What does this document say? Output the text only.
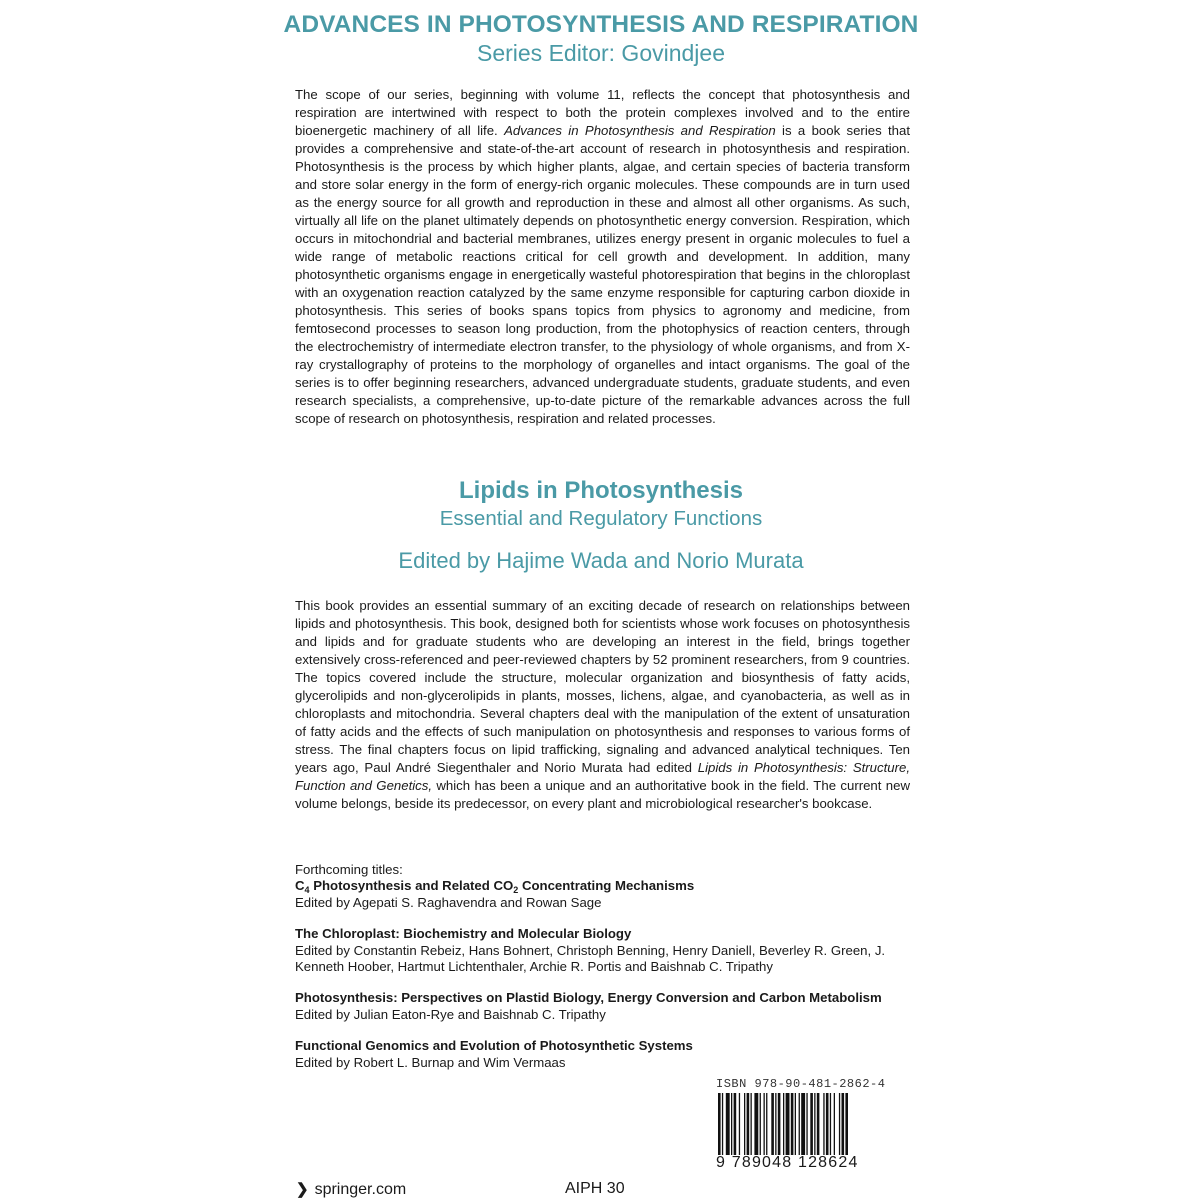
ADVANCES IN PHOTOSYNTHESIS AND RESPIRATION
Series Editor: Govindjee
The scope of our series, beginning with volume 11, reflects the concept that photosynthesis and respiration are intertwined with respect to both the protein complexes involved and to the entire bioenergetic machinery of all life. Advances in Photosynthesis and Respiration is a book series that provides a comprehensive and state-of-the-art account of research in photosynthesis and respiration. Photosynthesis is the process by which higher plants, algae, and certain species of bacteria transform and store solar energy in the form of energy-rich organic molecules. These compounds are in turn used as the energy source for all growth and reproduction in these and almost all other organisms. As such, virtually all life on the planet ultimately depends on photosynthetic energy conversion. Respiration, which occurs in mitochondrial and bacterial membranes, utilizes energy present in organic molecules to fuel a wide range of metabolic reactions critical for cell growth and development. In addition, many photosynthetic organisms engage in energetically wasteful photorespiration that begins in the chloroplast with an oxygenation reaction catalyzed by the same enzyme responsible for capturing carbon dioxide in photosynthesis. This series of books spans topics from physics to agronomy and medicine, from femtosecond processes to season long production, from the photophysics of reaction centers, through the electrochemistry of intermediate electron transfer, to the physiology of whole organisms, and from X-ray crystallography of proteins to the morphology of organelles and intact organisms. The goal of the series is to offer beginning researchers, advanced undergraduate students, graduate students, and even research specialists, a comprehensive, up-to-date picture of the remarkable advances across the full scope of research on photosynthesis, respiration and related processes.
Lipids in Photosynthesis
Essential and Regulatory Functions
Edited by Hajime Wada and Norio Murata
This book provides an essential summary of an exciting decade of research on relationships between lipids and photosynthesis. This book, designed both for scientists whose work focuses on photosynthesis and lipids and for graduate students who are developing an interest in the field, brings together extensively cross-referenced and peer-reviewed chapters by 52 prominent researchers, from 9 countries. The topics covered include the structure, molecular organization and biosynthesis of fatty acids, glycerolipids and non-glycerolipids in plants, mosses, lichens, algae, and cyanobacteria, as well as in chloroplasts and mitochondria. Several chapters deal with the manipulation of the extent of unsaturation of fatty acids and the effects of such manipulation on photosynthesis and responses to various forms of stress. The final chapters focus on lipid trafficking, signaling and advanced analytical techniques. Ten years ago, Paul André Siegenthaler and Norio Murata had edited Lipids in Photosynthesis: Structure, Function and Genetics, which has been a unique and an authoritative book in the field. The current new volume belongs, beside its predecessor, on every plant and microbiological researcher's bookcase.
Forthcoming titles:
$C_4$ Photosynthesis and Related $CO_2$ Concentrating Mechanisms
Edited by Agepati S. Raghavendra and Rowan Sage
The Chloroplast: Biochemistry and Molecular Biology
Edited by Constantin Rebeiz, Hans Bohnert, Christoph Benning, Henry Daniell, Beverley R. Green, J. Kenneth Hoober, Hartmut Lichtenthaler, Archie R. Portis and Baishnab C. Tripathy
Photosynthesis: Perspectives on Plastid Biology, Energy Conversion and Carbon Metabolism
Edited by Julian Eaton-Rye and Baishnab C. Tripathy
Functional Genomics and Evolution of Photosynthetic Systems
Edited by Robert L. Burnap and Wim Vermaas
ISBN 978-90-481-2862-4
9 789048 128624
❯ springer.com	AIPH 30
